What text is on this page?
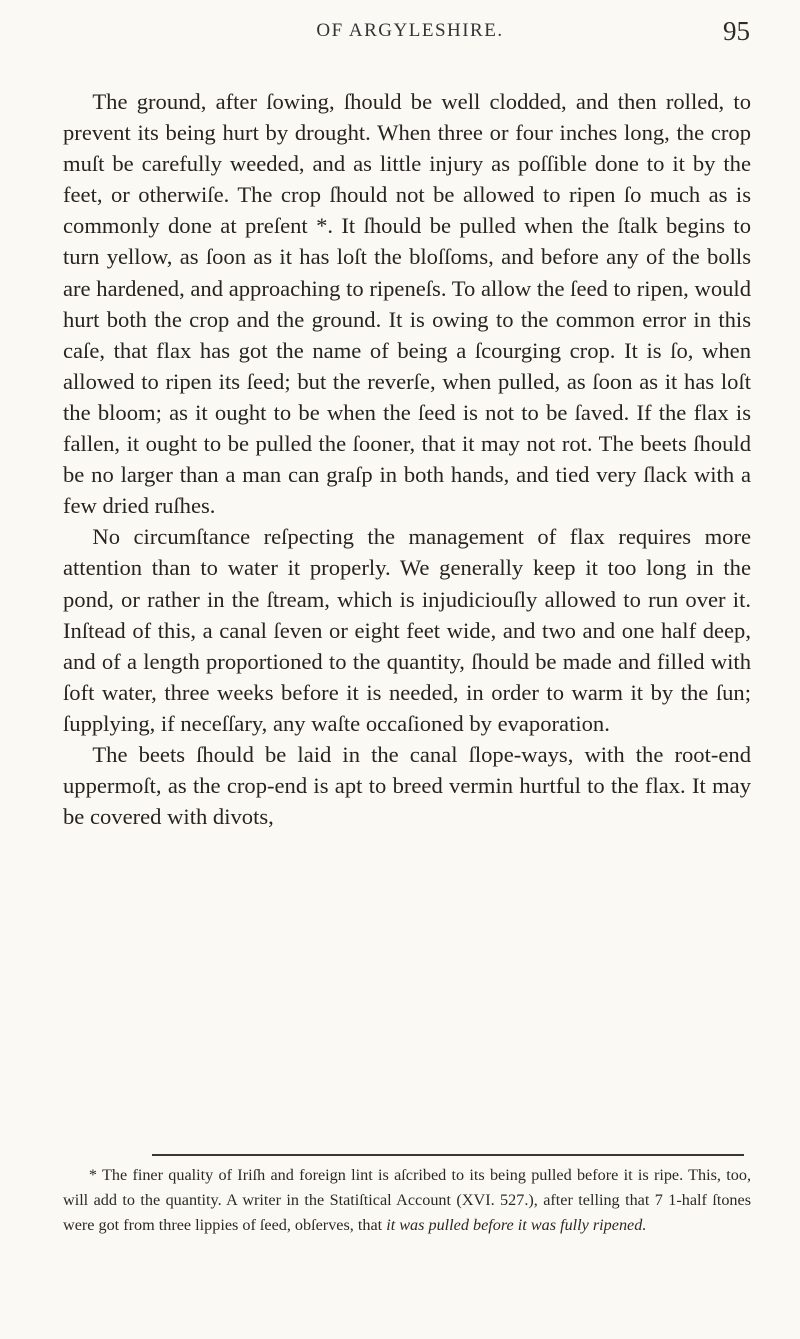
OF ARGYLESHIRE.	95

The ground, after ſowing, ſhould be well clodded, and then rolled, to prevent its being hurt by drought. When three or four inches long, the crop muſt be carefully weeded, and as little injury as poſſible done to it by the feet, or otherwiſe. The crop ſhould not be allowed to ripen ſo much as is commonly done at preſent *. It ſhould be pulled when the ſtalk begins to turn yellow, as ſoon as it has loſt the bloſſoms, and before any of the bolls are hardened, and approaching to ripeneſs. To allow the ſeed to ripen, would hurt both the crop and the ground. It is owing to the common error in this caſe, that flax has got the name of being a ſcourging crop. It is ſo, when allowed to ripen its ſeed; but the reverſe, when pulled, as ſoon as it has loſt the bloom; as it ought to be when the ſeed is not to be ſaved. If the flax is fallen, it ought to be pulled the ſooner, that it may not rot. The beets ſhould be no larger than a man can graſp in both hands, and tied very ſlack with a few dried ruſhes.

No circumſtance reſpecting the management of flax requires more attention than to water it properly. We generally keep it too long in the pond, or rather in the ſtream, which is injudiciouſly allowed to run over it. Inſtead of this, a canal ſeven or eight feet wide, and two and one half deep, and of a length proportioned to the quantity, ſhould be made and filled with ſoft water, three weeks before it is needed, in order to warm it by the ſun; ſupplying, if neceſſary, any waſte occaſioned by evaporation.

The beets ſhould be laid in the canal ſlope-ways, with the root-end uppermoſt, as the crop-end is apt to breed vermin hurtful to the flax. It may be covered with divots,

* The finer quality of Iriſh and foreign lint is aſcribed to its being pulled before it is ripe. This, too, will add to the quantity. A writer in the Statiſtical Account (XVI. 527.), after telling that 7 1-half ſtones were got from three lippies of ſeed, obſerves, that it was pulled before it was fully ripened.
